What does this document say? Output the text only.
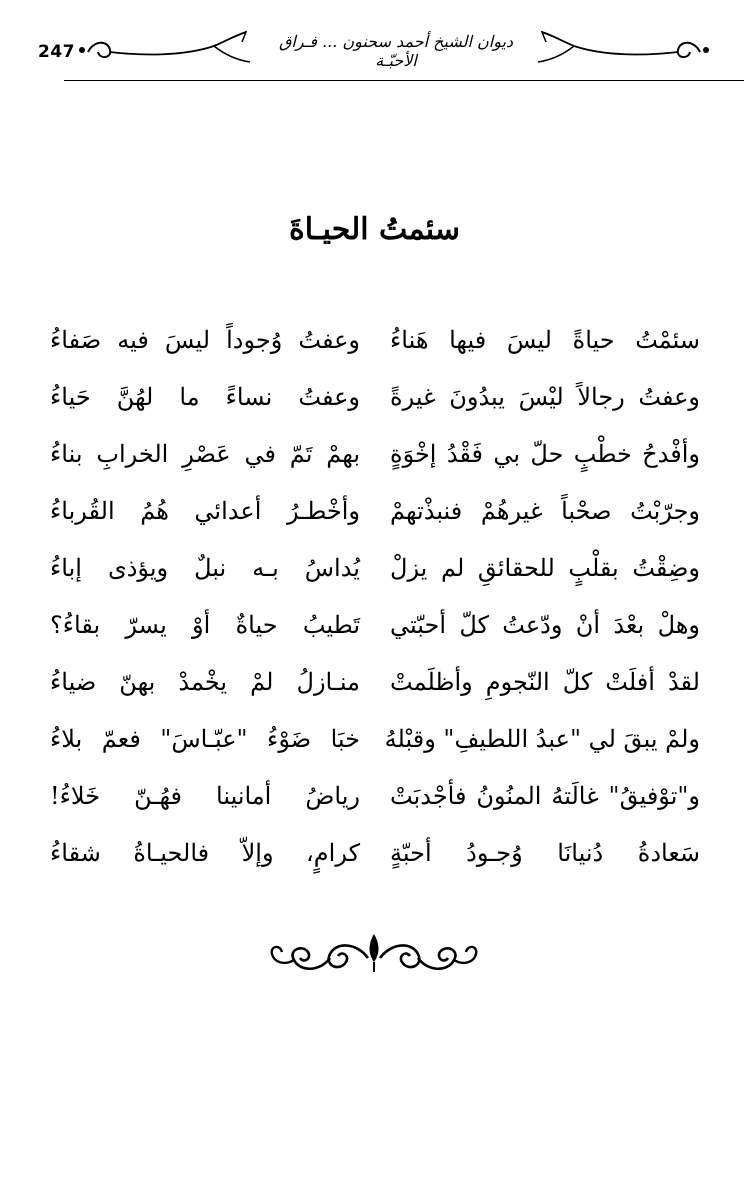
247
ديوان الشيخ أحمد سحنون ... فـراق الأحبّـة
سئمتُ الحيـاةَ
سئمْتُ حياةً ليسَ فيها هَناءُ
وعفتُ وُجوداً ليسَ فيه صَفاءُ
وعفتُ رجالاً ليْسَ يبدُونَ غيرةً
وعفتُ نساءً ما لهُنَّ حَياءُ
وأفْدحُ خطْبٍ حلّ بي فَقْدُ إخْوَةٍ
بهمْ تَمّ في عَصْرِ الخرابِ بناءُ
وجرّبْتُ صحْباً غيرهُمْ فنبذْتهمْ
وأخْطـرُ أعدائي هُمُ القُرباءُ
وضِقْتُ بقلْبٍ للحقائقِ لم يزلْ
يُداسُ بـه نبلٌ ويؤذى إباءُ
وهلْ بعْدَ أنْ ودّعتُ كلّ أحبّتي
تَطيبُ حياةٌ أوْ يسرّ بقاءُ؟
لقدْ أفلَتْ كلّ النّجومِ وأظلَمتْ
منـازلُ لمْ يخْمدْ بهنّ ضياءُ
ولمْ يبقَ لي "عبدُ اللطيفِ" وقبْلهُ
خبَا ضَوْءُ "عبّـاسَ" فعمّ بلاءُ
و"توْفيقُ" غالَتهُ المنُونُ فأجْدبَتْ
رياضُ أمانينا فهُـنّ خَلاءُ!
سَعادةُ دُنيانَا وُجـودُ أحبّةٍ
كرامٍ، وإلاّ فالحيـاةُ شقاءُ
